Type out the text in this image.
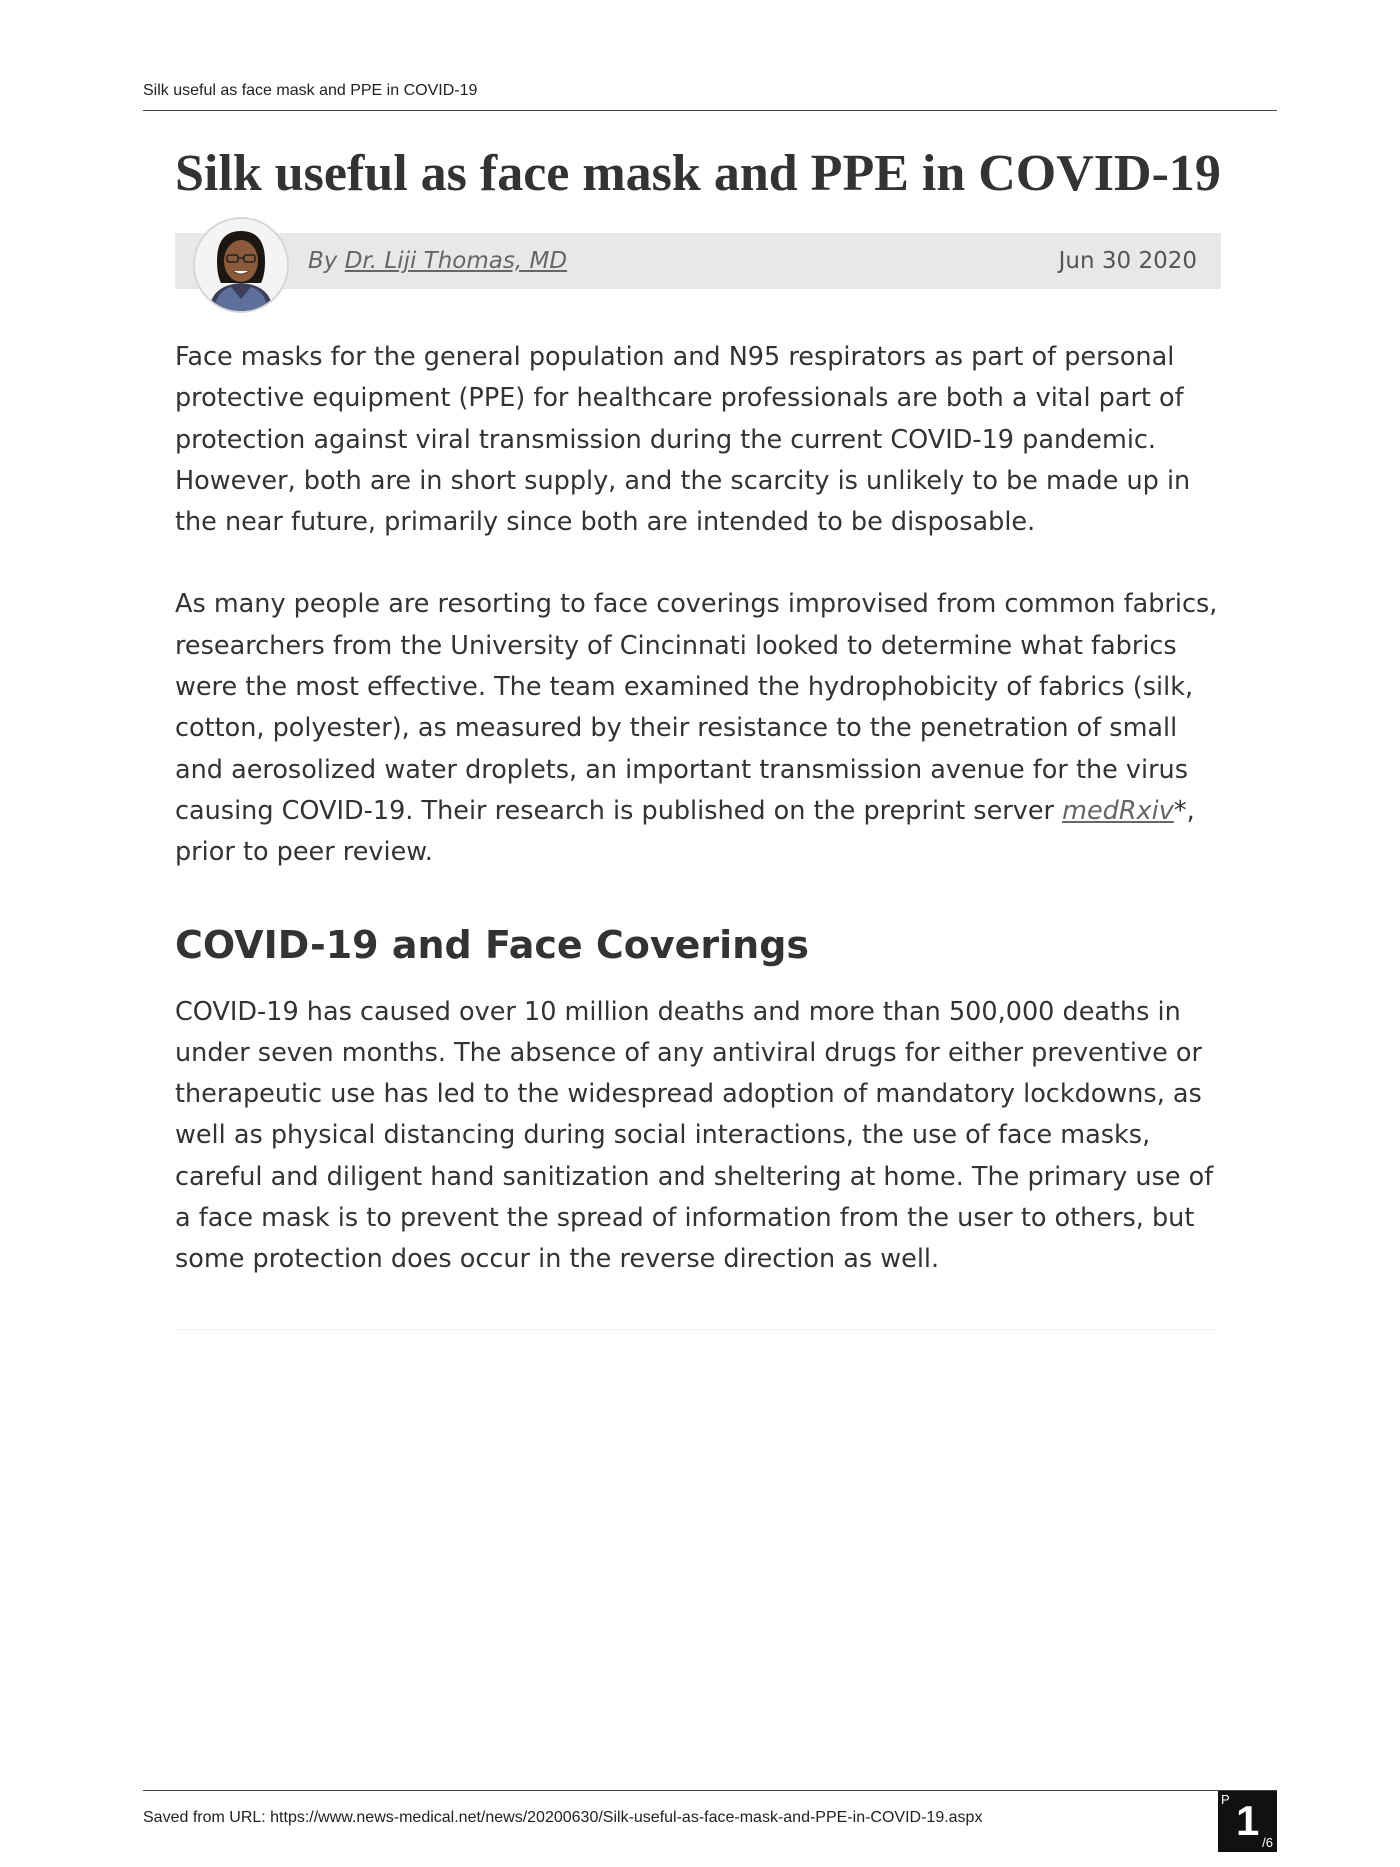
Silk useful as face mask and PPE in COVID-19
Silk useful as face mask and PPE in COVID-19
By Dr. Liji Thomas, MD	Jun 30 2020

Face masks for the general population and N95 respirators as part of personal protective equipment (PPE) for healthcare professionals are both a vital part of protection against viral transmission during the current COVID-19 pandemic. However, both are in short supply, and the scarcity is unlikely to be made up in the near future, primarily since both are intended to be disposable.

As many people are resorting to face coverings improvised from common fabrics, researchers from the University of Cincinnati looked to determine what fabrics were the most effective. The team examined the hydrophobicity of fabrics (silk, cotton, polyester), as measured by their resistance to the penetration of small and aerosolized water droplets, an important transmission avenue for the virus causing COVID-19. Their research is published on the preprint server medRxiv*, prior to peer review.

COVID-19 and Face Coverings

COVID-19 has caused over 10 million deaths and more than 500,000 deaths in under seven months. The absence of any antiviral drugs for either preventive or therapeutic use has led to the widespread adoption of mandatory lockdowns, as well as physical distancing during social interactions, the use of face masks, careful and diligent hand sanitization and sheltering at home. The primary use of a face mask is to prevent the spread of information from the user to others, but some protection does occur in the reverse direction as well.

Saved from URL: https://www.news-medical.net/news/20200630/Silk-useful-as-face-mask-and-PPE-in-COVID-19.aspx
P 1 /6
